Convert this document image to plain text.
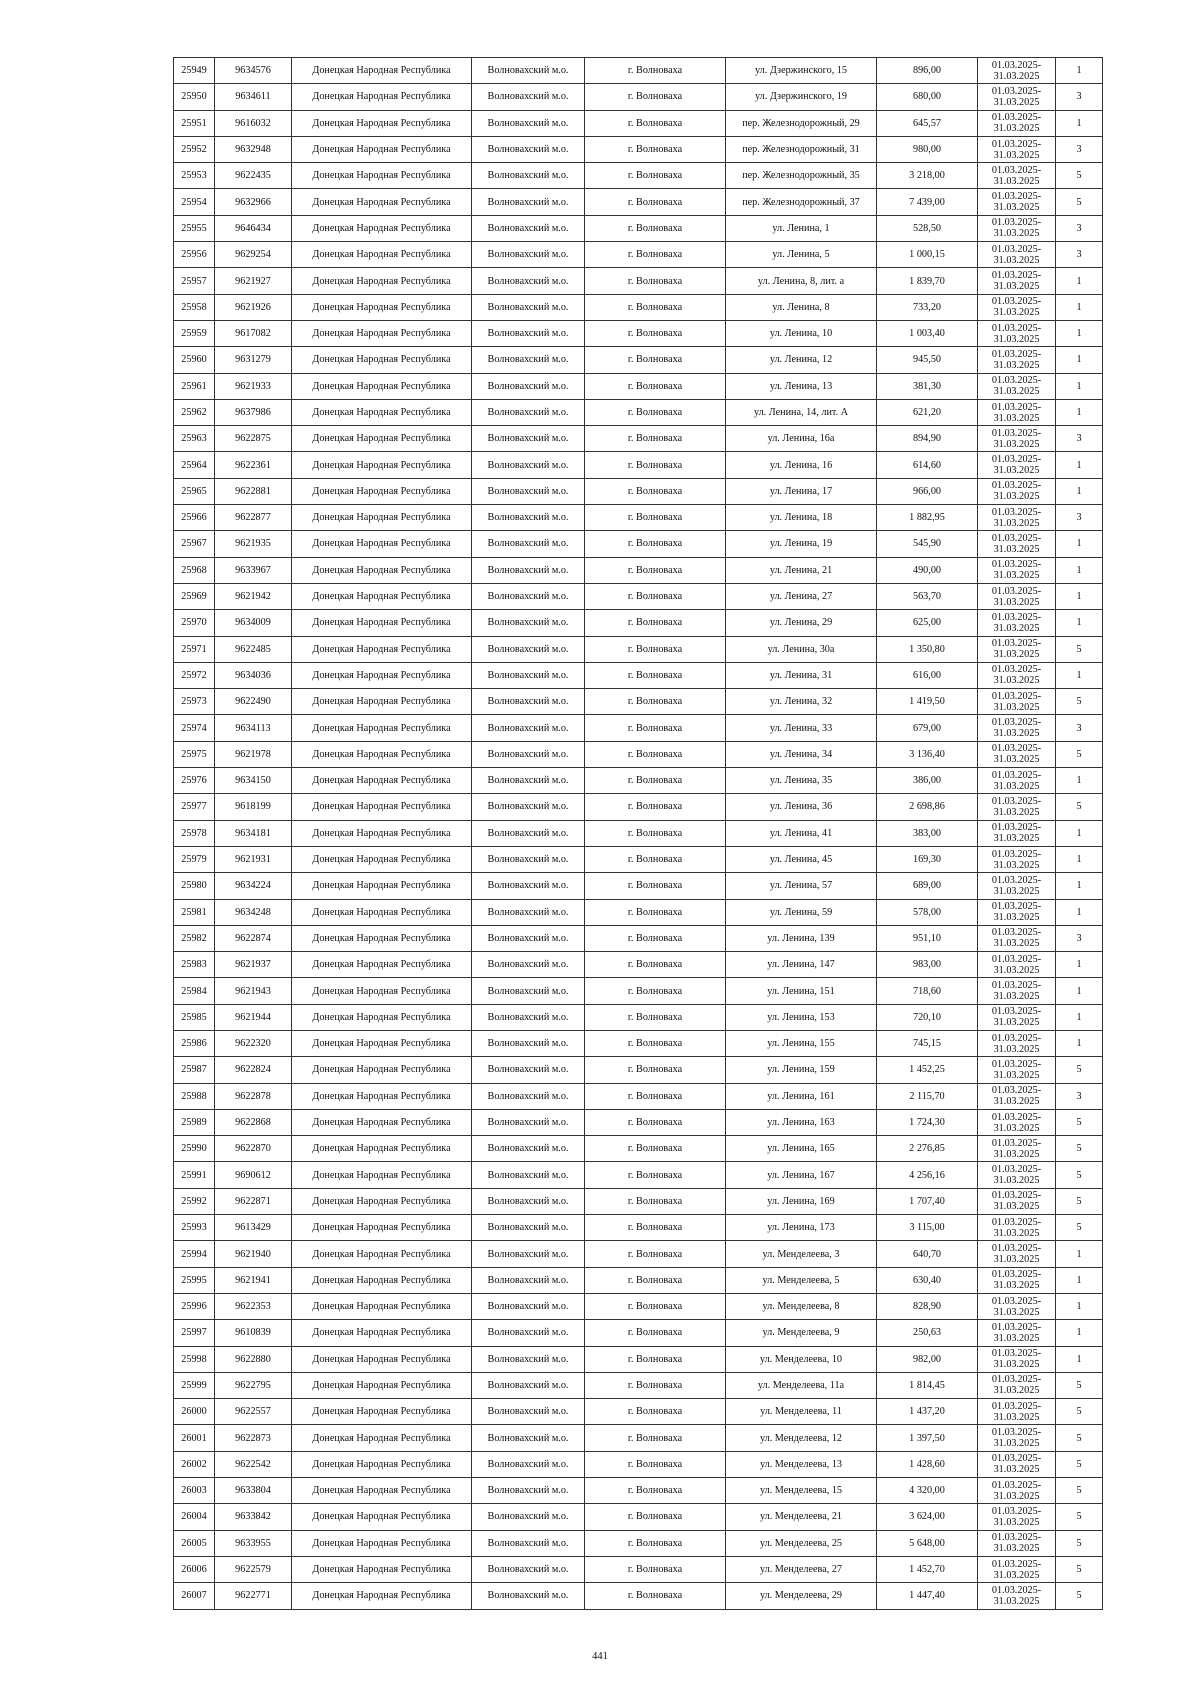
25949	9634576	Донецкая Народная Республика	Волновахский м.о.	г. Волноваха	ул. Дзержинского, 15	896,00	01.03.2025-
31.03.2025	1
25950	9634611	Донецкая Народная Республика	Волновахский м.о.	г. Волноваха	ул. Дзержинского, 19	680,00	01.03.2025-
31.03.2025	3
25951	9616032	Донецкая Народная Республика	Волновахский м.о.	г. Волноваха	пер. Железнодорожный, 29	645,57	01.03.2025-
31.03.2025	1
25952	9632948	Донецкая Народная Республика	Волновахский м.о.	г. Волноваха	пер. Железнодорожный, 31	980,00	01.03.2025-
31.03.2025	3
25953	9622435	Донецкая Народная Республика	Волновахский м.о.	г. Волноваха	пер. Железнодорожный, 35	3 218,00	01.03.2025-
31.03.2025	5
25954	9632966	Донецкая Народная Республика	Волновахский м.о.	г. Волноваха	пер. Железнодорожный, 37	7 439,00	01.03.2025-
31.03.2025	5
25955	9646434	Донецкая Народная Республика	Волновахский м.о.	г. Волноваха	ул. Ленина, 1	528,50	01.03.2025-
31.03.2025	3
25956	9629254	Донецкая Народная Республика	Волновахский м.о.	г. Волноваха	ул. Ленина, 5	1 000,15	01.03.2025-
31.03.2025	3
25957	9621927	Донецкая Народная Республика	Волновахский м.о.	г. Волноваха	ул. Ленина, 8, лит. а	1 839,70	01.03.2025-
31.03.2025	1
25958	9621926	Донецкая Народная Республика	Волновахский м.о.	г. Волноваха	ул. Ленина, 8	733,20	01.03.2025-
31.03.2025	1
25959	9617082	Донецкая Народная Республика	Волновахский м.о.	г. Волноваха	ул. Ленина, 10	1 003,40	01.03.2025-
31.03.2025	1
25960	9631279	Донецкая Народная Республика	Волновахский м.о.	г. Волноваха	ул. Ленина, 12	945,50	01.03.2025-
31.03.2025	1
25961	9621933	Донецкая Народная Республика	Волновахский м.о.	г. Волноваха	ул. Ленина, 13	381,30	01.03.2025-
31.03.2025	1
25962	9637986	Донецкая Народная Республика	Волновахский м.о.	г. Волноваха	ул. Ленина, 14, лит. А	621,20	01.03.2025-
31.03.2025	1
25963	9622875	Донецкая Народная Республика	Волновахский м.о.	г. Волноваха	ул. Ленина, 16а	894,90	01.03.2025-
31.03.2025	3
25964	9622361	Донецкая Народная Республика	Волновахский м.о.	г. Волноваха	ул. Ленина, 16	614,60	01.03.2025-
31.03.2025	1
25965	9622881	Донецкая Народная Республика	Волновахский м.о.	г. Волноваха	ул. Ленина, 17	966,00	01.03.2025-
31.03.2025	1
25966	9622877	Донецкая Народная Республика	Волновахский м.о.	г. Волноваха	ул. Ленина, 18	1 882,95	01.03.2025-
31.03.2025	3
25967	9621935	Донецкая Народная Республика	Волновахский м.о.	г. Волноваха	ул. Ленина, 19	545,90	01.03.2025-
31.03.2025	1
25968	9633967	Донецкая Народная Республика	Волновахский м.о.	г. Волноваха	ул. Ленина, 21	490,00	01.03.2025-
31.03.2025	1
25969	9621942	Донецкая Народная Республика	Волновахский м.о.	г. Волноваха	ул. Ленина, 27	563,70	01.03.2025-
31.03.2025	1
25970	9634009	Донецкая Народная Республика	Волновахский м.о.	г. Волноваха	ул. Ленина, 29	625,00	01.03.2025-
31.03.2025	1
25971	9622485	Донецкая Народная Республика	Волновахский м.о.	г. Волноваха	ул. Ленина, 30а	1 350,80	01.03.2025-
31.03.2025	5
25972	9634036	Донецкая Народная Республика	Волновахский м.о.	г. Волноваха	ул. Ленина, 31	616,00	01.03.2025-
31.03.2025	1
25973	9622490	Донецкая Народная Республика	Волновахский м.о.	г. Волноваха	ул. Ленина, 32	1 419,50	01.03.2025-
31.03.2025	5
25974	9634113	Донецкая Народная Республика	Волновахский м.о.	г. Волноваха	ул. Ленина, 33	679,00	01.03.2025-
31.03.2025	3
25975	9621978	Донецкая Народная Республика	Волновахский м.о.	г. Волноваха	ул. Ленина, 34	3 136,40	01.03.2025-
31.03.2025	5
25976	9634150	Донецкая Народная Республика	Волновахский м.о.	г. Волноваха	ул. Ленина, 35	386,00	01.03.2025-
31.03.2025	1
25977	9618199	Донецкая Народная Республика	Волновахский м.о.	г. Волноваха	ул. Ленина, 36	2 698,86	01.03.2025-
31.03.2025	5
25978	9634181	Донецкая Народная Республика	Волновахский м.о.	г. Волноваха	ул. Ленина, 41	383,00	01.03.2025-
31.03.2025	1
25979	9621931	Донецкая Народная Республика	Волновахский м.о.	г. Волноваха	ул. Ленина, 45	169,30	01.03.2025-
31.03.2025	1
25980	9634224	Донецкая Народная Республика	Волновахский м.о.	г. Волноваха	ул. Ленина, 57	689,00	01.03.2025-
31.03.2025	1
25981	9634248	Донецкая Народная Республика	Волновахский м.о.	г. Волноваха	ул. Ленина, 59	578,00	01.03.2025-
31.03.2025	1
25982	9622874	Донецкая Народная Республика	Волновахский м.о.	г. Волноваха	ул. Ленина, 139	951,10	01.03.2025-
31.03.2025	3
25983	9621937	Донецкая Народная Республика	Волновахский м.о.	г. Волноваха	ул. Ленина, 147	983,00	01.03.2025-
31.03.2025	1
25984	9621943	Донецкая Народная Республика	Волновахский м.о.	г. Волноваха	ул. Ленина, 151	718,60	01.03.2025-
31.03.2025	1
25985	9621944	Донецкая Народная Республика	Волновахский м.о.	г. Волноваха	ул. Ленина, 153	720,10	01.03.2025-
31.03.2025	1
25986	9622320	Донецкая Народная Республика	Волновахский м.о.	г. Волноваха	ул. Ленина, 155	745,15	01.03.2025-
31.03.2025	1
25987	9622824	Донецкая Народная Республика	Волновахский м.о.	г. Волноваха	ул. Ленина, 159	1 452,25	01.03.2025-
31.03.2025	5
25988	9622878	Донецкая Народная Республика	Волновахский м.о.	г. Волноваха	ул. Ленина, 161	2 115,70	01.03.2025-
31.03.2025	3
25989	9622868	Донецкая Народная Республика	Волновахский м.о.	г. Волноваха	ул. Ленина, 163	1 724,30	01.03.2025-
31.03.2025	5
25990	9622870	Донецкая Народная Республика	Волновахский м.о.	г. Волноваха	ул. Ленина, 165	2 276,85	01.03.2025-
31.03.2025	5
25991	9690612	Донецкая Народная Республика	Волновахский м.о.	г. Волноваха	ул. Ленина, 167	4 256,16	01.03.2025-
31.03.2025	5
25992	9622871	Донецкая Народная Республика	Волновахский м.о.	г. Волноваха	ул. Ленина, 169	1 707,40	01.03.2025-
31.03.2025	5
25993	9613429	Донецкая Народная Республика	Волновахский м.о.	г. Волноваха	ул. Ленина, 173	3 115,00	01.03.2025-
31.03.2025	5
25994	9621940	Донецкая Народная Республика	Волновахский м.о.	г. Волноваха	ул. Менделеева, 3	640,70	01.03.2025-
31.03.2025	1
25995	9621941	Донецкая Народная Республика	Волновахский м.о.	г. Волноваха	ул. Менделеева, 5	630,40	01.03.2025-
31.03.2025	1
25996	9622353	Донецкая Народная Республика	Волновахский м.о.	г. Волноваха	ул. Менделеева, 8	828,90	01.03.2025-
31.03.2025	1
25997	9610839	Донецкая Народная Республика	Волновахский м.о.	г. Волноваха	ул. Менделеева, 9	250,63	01.03.2025-
31.03.2025	1
25998	9622880	Донецкая Народная Республика	Волновахский м.о.	г. Волноваха	ул. Менделеева, 10	982,00	01.03.2025-
31.03.2025	1
25999	9622795	Донецкая Народная Республика	Волновахский м.о.	г. Волноваха	ул. Менделеева, 11а	1 814,45	01.03.2025-
31.03.2025	5
26000	9622557	Донецкая Народная Республика	Волновахский м.о.	г. Волноваха	ул. Менделеева, 11	1 437,20	01.03.2025-
31.03.2025	5
26001	9622873	Донецкая Народная Республика	Волновахский м.о.	г. Волноваха	ул. Менделеева, 12	1 397,50	01.03.2025-
31.03.2025	5
26002	9622542	Донецкая Народная Республика	Волновахский м.о.	г. Волноваха	ул. Менделеева, 13	1 428,60	01.03.2025-
31.03.2025	5
26003	9633804	Донецкая Народная Республика	Волновахский м.о.	г. Волноваха	ул. Менделеева, 15	4 320,00	01.03.2025-
31.03.2025	5
26004	9633842	Донецкая Народная Республика	Волновахский м.о.	г. Волноваха	ул. Менделеева, 21	3 624,00	01.03.2025-
31.03.2025	5
26005	9633955	Донецкая Народная Республика	Волновахский м.о.	г. Волноваха	ул. Менделеева, 25	5 648,00	01.03.2025-
31.03.2025	5
26006	9622579	Донецкая Народная Республика	Волновахский м.о.	г. Волноваха	ул. Менделеева, 27	1 452,70	01.03.2025-
31.03.2025	5
26007	9622771	Донецкая Народная Республика	Волновахский м.о.	г. Волноваха	ул. Менделеева, 29	1 447,40	01.03.2025-
31.03.2025	5
441
